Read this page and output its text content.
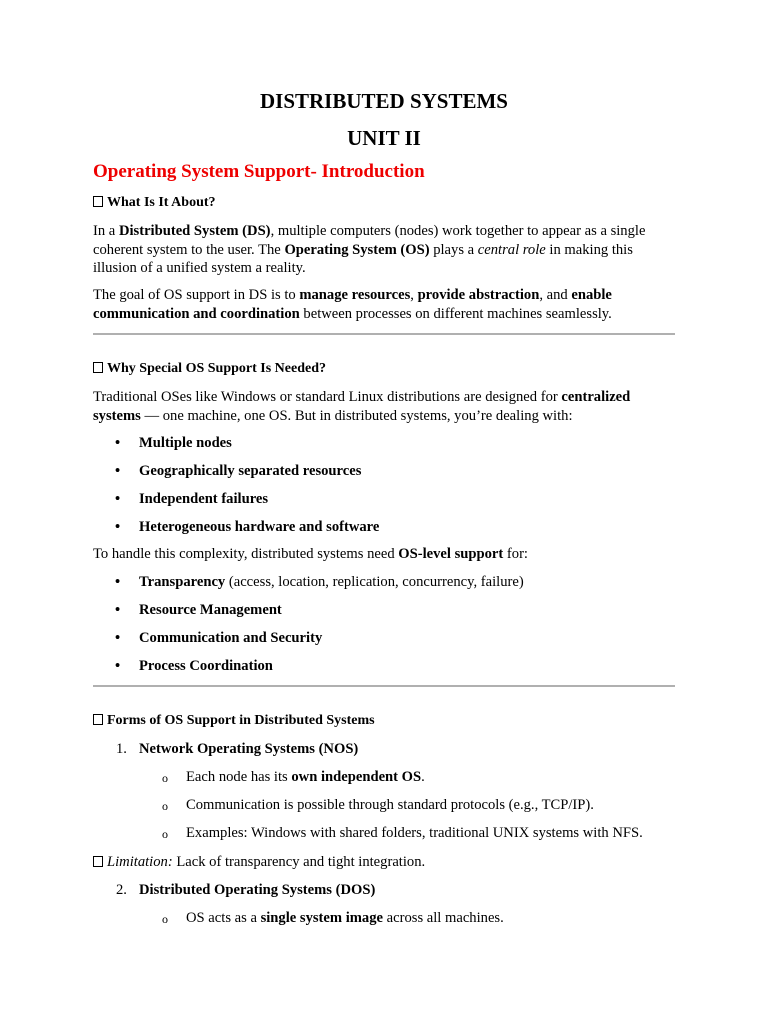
DISTRIBUTED SYSTEMS
UNIT II
Operating System Support- Introduction

What Is It About?

In a Distributed System (DS), multiple computers (nodes) work together to appear as a single coherent system to the user. The Operating System (OS) plays a central role in making this illusion of a unified system a reality.

The goal of OS support in DS is to manage resources, provide abstraction, and enable communication and coordination between processes on different machines seamlessly.

Why Special OS Support Is Needed?

Traditional OSes like Windows or standard Linux distributions are designed for centralized systems — one machine, one OS. But in distributed systems, you’re dealing with:

• Multiple nodes

• Geographically separated resources

• Independent failures

• Heterogeneous hardware and software

To handle this complexity, distributed systems need OS-level support for:

• Transparency (access, location, replication, concurrency, failure)

• Resource Management

• Communication and Security

• Process Coordination

Forms of OS Support in Distributed Systems

1. Network Operating Systems (NOS)

o Each node has its own independent OS.

o Communication is possible through standard protocols (e.g., TCP/IP).

o Examples: Windows with shared folders, traditional UNIX systems with NFS.

Limitation: Lack of transparency and tight integration.

2. Distributed Operating Systems (DOS)

o OS acts as a single system image across all machines.
